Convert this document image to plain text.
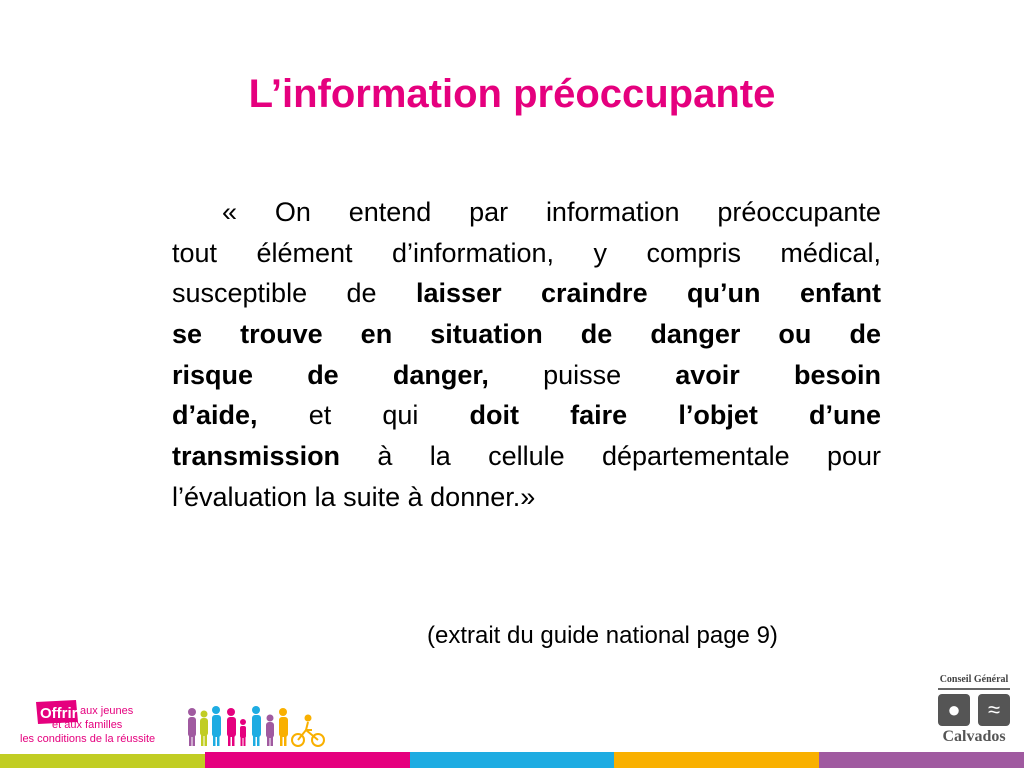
L’information préoccupante
« On entend par information préoccupante
tout élément d’information, y compris médical,
susceptible de laisser craindre qu’un enfant
se trouve en situation de danger ou de
risque de danger, puisse avoir besoin
d’aide, et qui doit faire l’objet d’une
transmission à la cellule départementale pour
l’évaluation la suite à donner.»
(extrait du guide national page 9)
Offrir aux jeunes
et aux familles
les conditions de la réussite
Conseil Général
●	≈
Calvados
